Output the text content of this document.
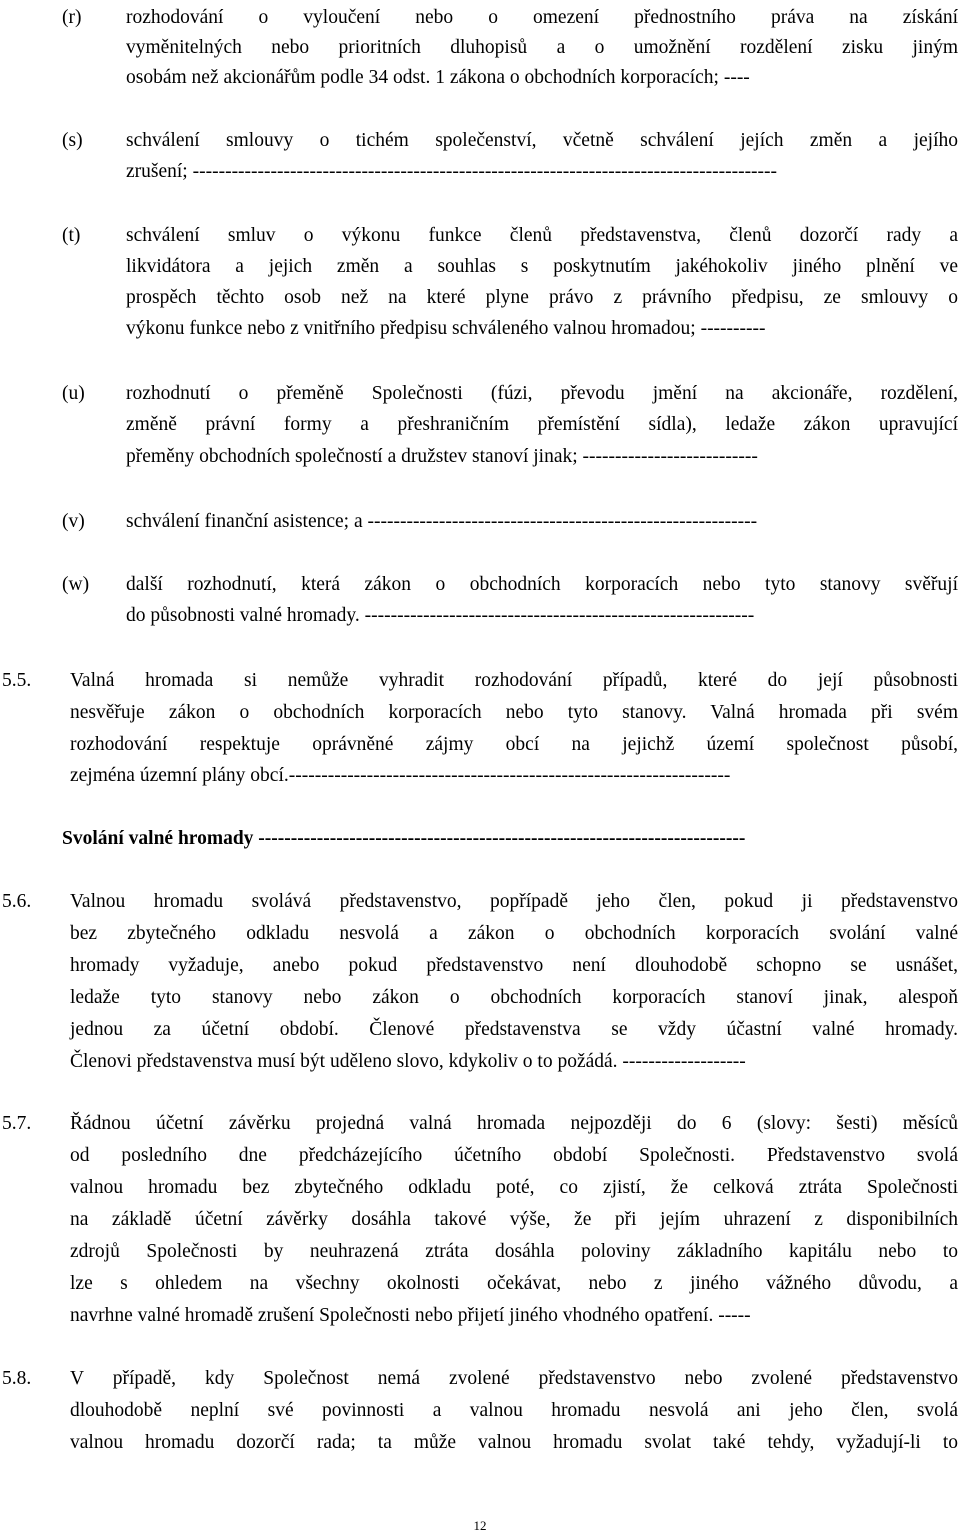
(r) rozhodování o vyloučení nebo o omezení přednostního práva na získání
vyměnitelných nebo prioritních dluhopisů a o umožnění rozdělení zisku jiným
osobám než akcionářům podle 34 odst. 1 zákona o obchodních korporacích; ----
(s) schválení smlouvy o tichém společenství, včetně schválení jejích změn a jejího
zrušení; ------------------------------------------------------------------------------------------
(t) schválení smluv o výkonu funkce členů představenstva, členů dozorčí rady a
likvidátora a jejich změn a souhlas s poskytnutím jakéhokoliv jiného plnění ve
prospěch těchto osob než na které plyne právo z právního předpisu, ze smlouvy o
výkonu funkce nebo z vnitřního předpisu schváleného valnou hromadou; ----------
(u) rozhodnutí o přeměně Společnosti (fúzi, převodu jmění na akcionáře, rozdělení,
změně právní formy a přeshraničním přemístění sídla), ledaže zákon upravující
přeměny obchodních společností a družstev stanoví jinak; ---------------------------
(v) schválení finanční asistence; a ------------------------------------------------------------
(w) další rozhodnutí, která zákon o obchodních korporacích nebo tyto stanovy svěřují
do působnosti valné hromady. ------------------------------------------------------------
5.5. Valná hromada si nemůže vyhradit rozhodování případů, které do její působnosti
nesvěřuje zákon o obchodních korporacích nebo tyto stanovy. Valná hromada při svém
rozhodování respektuje oprávněné zájmy obcí na jejichž území společnost působí,
zejména územní plány obcí.--------------------------------------------------------------------
Svolání valné hromady ---------------------------------------------------------------------------
5.6. Valnou hromadu svolává představenstvo, popřípadě jeho člen, pokud ji představenstvo
bez zbytečného odkladu nesvolá a zákon o obchodních korporacích svolání valné
hromady vyžaduje, anebo pokud představenstvo není dlouhodobě schopno se usnášet,
ledaže tyto stanovy nebo zákon o obchodních korporacích stanoví jinak, alespoň
jednou za účetní období. Členové představenstva se vždy účastní valné hromady.
Členovi představenstva musí být uděleno slovo, kdykoliv o to požádá. -------------------
5.7. Řádnou účetní závěrku projedná valná hromada nejpozději do 6 (slovy: šesti) měsíců
od posledního dne předcházejícího účetního období Společnosti. Představenstvo svolá
valnou hromadu bez zbytečného odkladu poté, co zjistí, že celková ztráta Společnosti
na základě účetní závěrky dosáhla takové výše, že při jejím uhrazení z disponibilních
zdrojů Společnosti by neuhrazená ztráta dosáhla poloviny základního kapitálu nebo to
lze s ohledem na všechny okolnosti očekávat, nebo z jiného vážného důvodu, a
navrhne valné hromadě zrušení Společnosti nebo přijetí jiného vhodného opatření. -----
5.8. V případě, kdy Společnost nemá zvolené představenstvo nebo zvolené představenstvo
dlouhodobě neplní své povinnosti a valnou hromadu nesvolá ani jeho člen, svolá
valnou hromadu dozorčí rada; ta může valnou hromadu svolat také tehdy, vyžadují-li to
12
